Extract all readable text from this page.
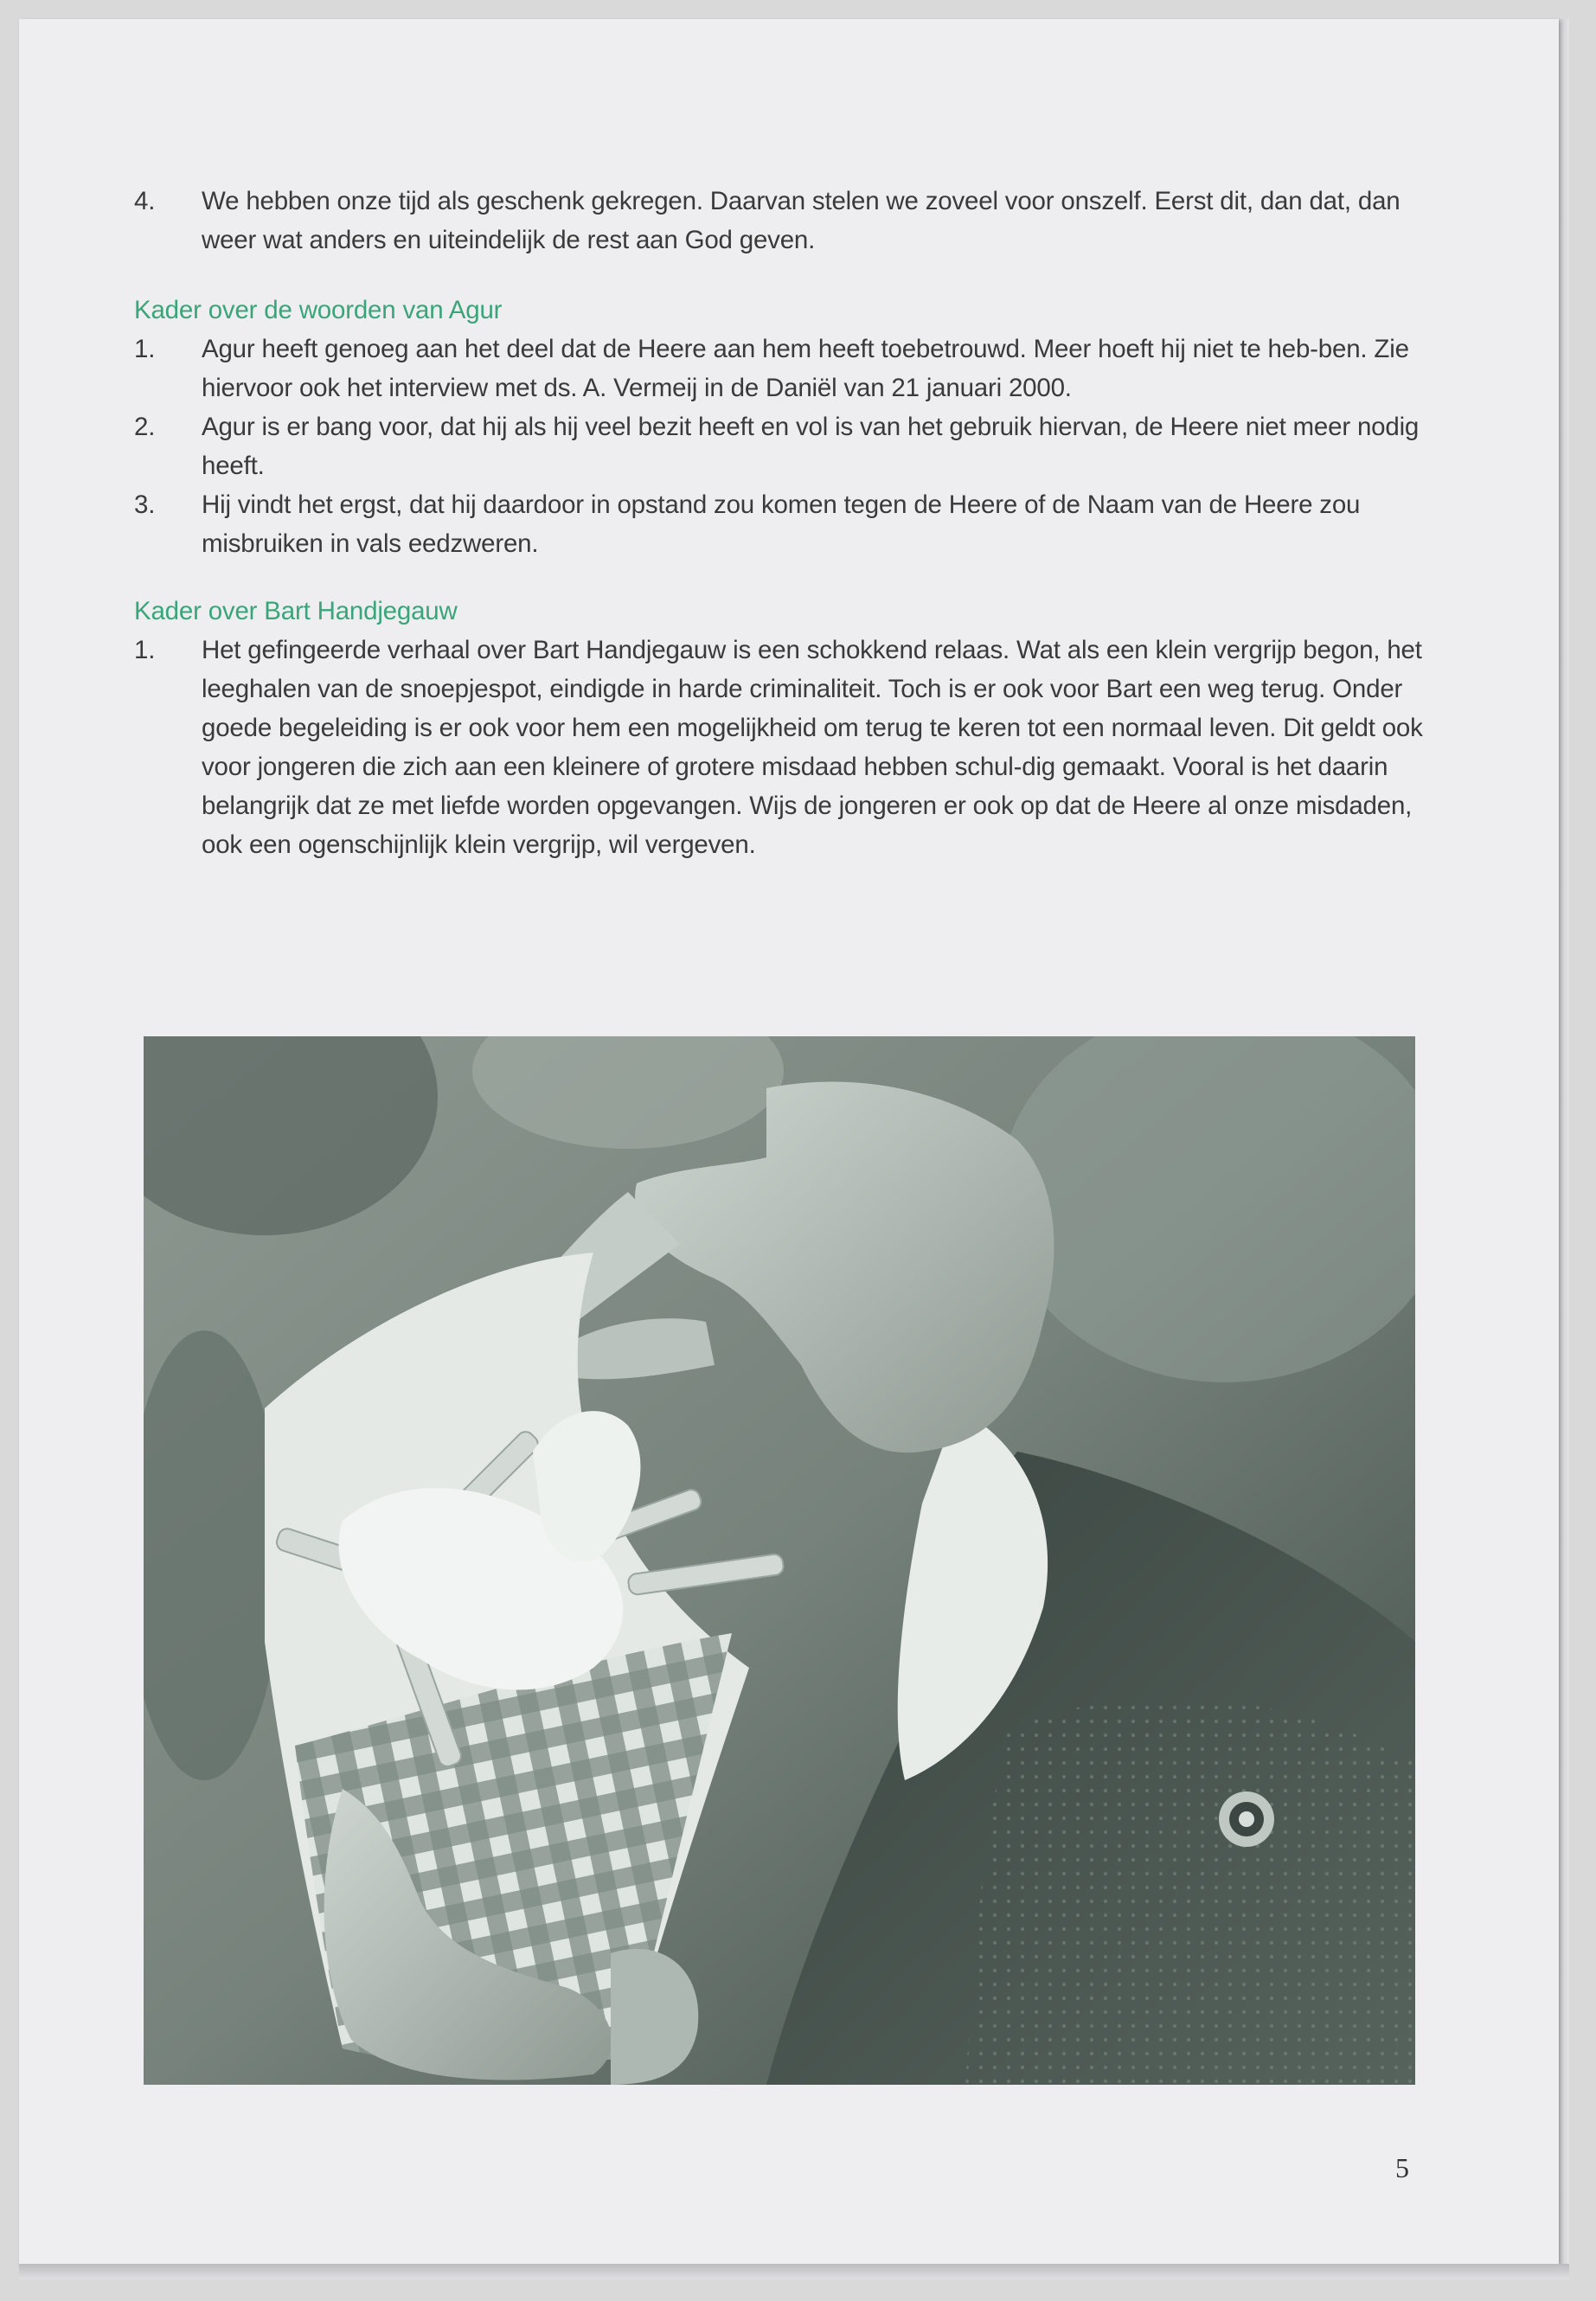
4.	We hebben onze tijd als geschenk gekregen. Daarvan stelen we zoveel voor onszelf. Eerst dit, dan dat, dan weer wat anders en uiteindelijk de rest aan God geven.
Kader over de woorden van Agur
1.	Agur heeft genoeg aan het deel dat de Heere aan hem heeft toebetrouwd. Meer hoeft hij niet te heb-ben. Zie hiervoor ook het interview met ds. A. Vermeij in de Daniël van 21 januari 2000.
2.	Agur is er bang voor, dat hij als hij veel bezit heeft en vol is van het gebruik hiervan, de Heere niet meer nodig heeft.
3.	Hij vindt het ergst, dat hij daardoor in opstand zou komen tegen de Heere of de Naam van de Heere zou misbruiken in vals eedzweren.
Kader over Bart Handjegauw
1.	Het gefingeerde verhaal over Bart Handjegauw is een schokkend relaas. Wat als een klein vergrijp begon, het leeghalen van de snoepjespot, eindigde in harde criminaliteit. Toch is er ook voor Bart een weg terug. Onder goede begeleiding is er ook voor hem een mogelijkheid om terug te keren tot een normaal leven. Dit geldt ook voor jongeren die zich aan een kleinere of grotere misdaad hebben schul-dig gemaakt. Vooral is het daarin belangrijk dat ze met liefde worden opgevangen. Wijs de jongeren er ook op dat de Heere al onze misdaden, ook een ogenschijnlijk klein vergrijp, wil vergeven.
5
